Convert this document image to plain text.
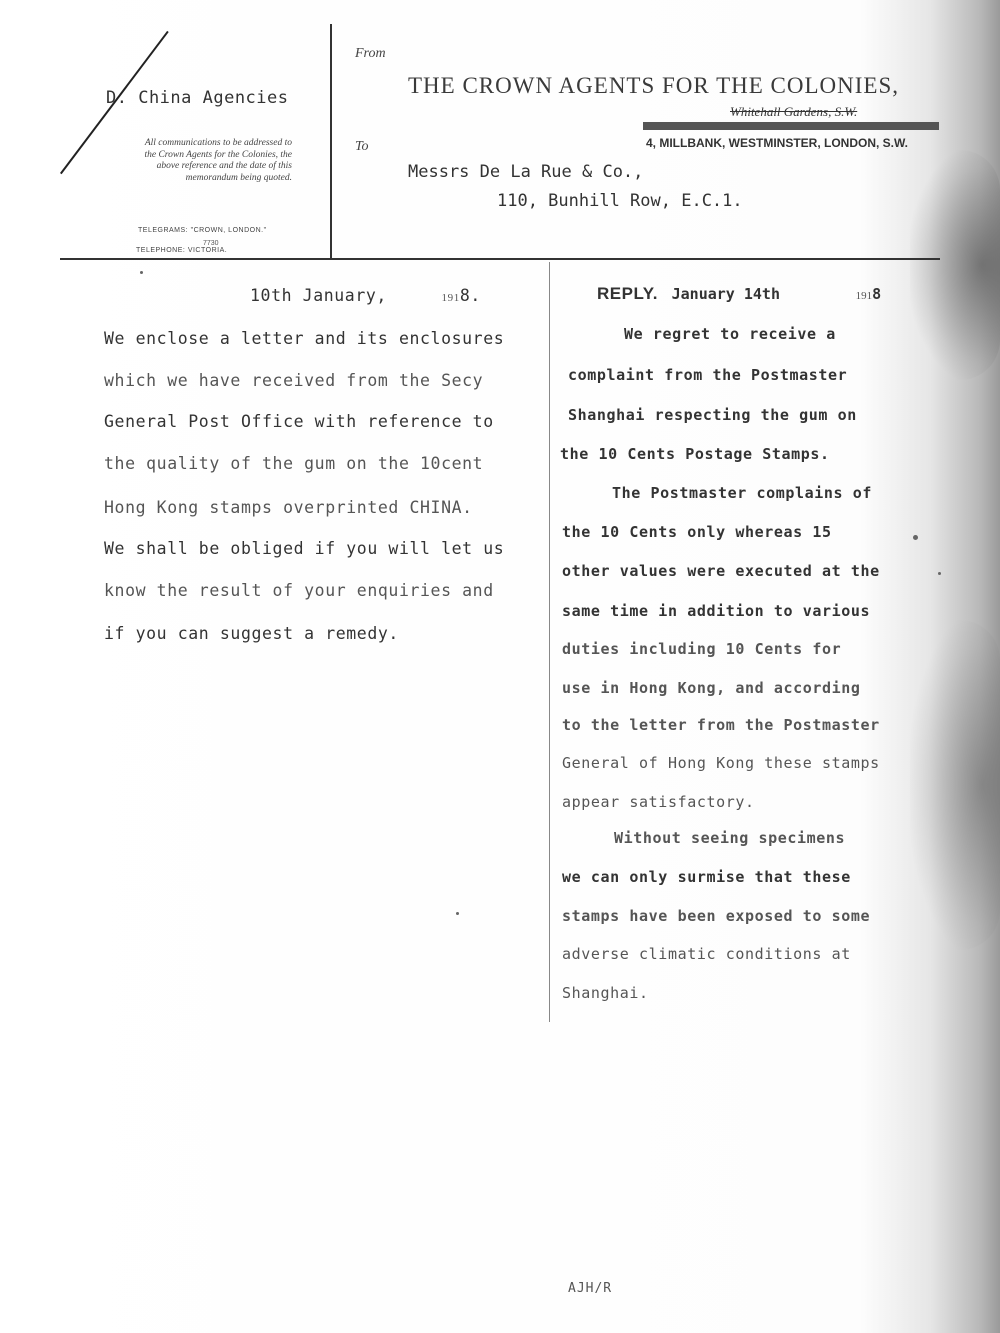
D. China Agencies
All communications to be addressed to the Crown Agents for the Colonies, the above reference and the date of this memorandum being quoted.
TELEGRAMS: "CROWN, LONDON."
7730
TELEPHONE: VICTORIA.
From
THE CROWN AGENTS FOR THE COLONIES,
Whitehall Gardens, S.W.
4, MILLBANK, WESTMINSTER, LONDON, S.W.
To
Messrs De La Rue & Co.,
110, Bunhill Row, E.C.1.
10th January,	1918.
We enclose a letter and its enclosures
which we have received from the Secy
General Post Office with reference to
the quality of the gum on the 10cent
Hong Kong stamps overprinted CHINA.
We shall be obliged if you will let us
know the result of your enquiries and
if you can suggest a remedy.
REPLY. January 14th	1918
We regret to receive a
complaint from the Postmaster
Shanghai respecting the gum on
the 10 Cents Postage Stamps.
The Postmaster complains of
the 10 Cents only whereas 15
other values were executed at the
same time in addition to various
duties including 10 Cents for
use in Hong Kong, and according
to the letter from the Postmaster
General of Hong Kong these stamps
appear satisfactory.
Without seeing specimens
we can only surmise that these
stamps have been exposed to some
adverse climatic conditions at
Shanghai.
AJH/R
